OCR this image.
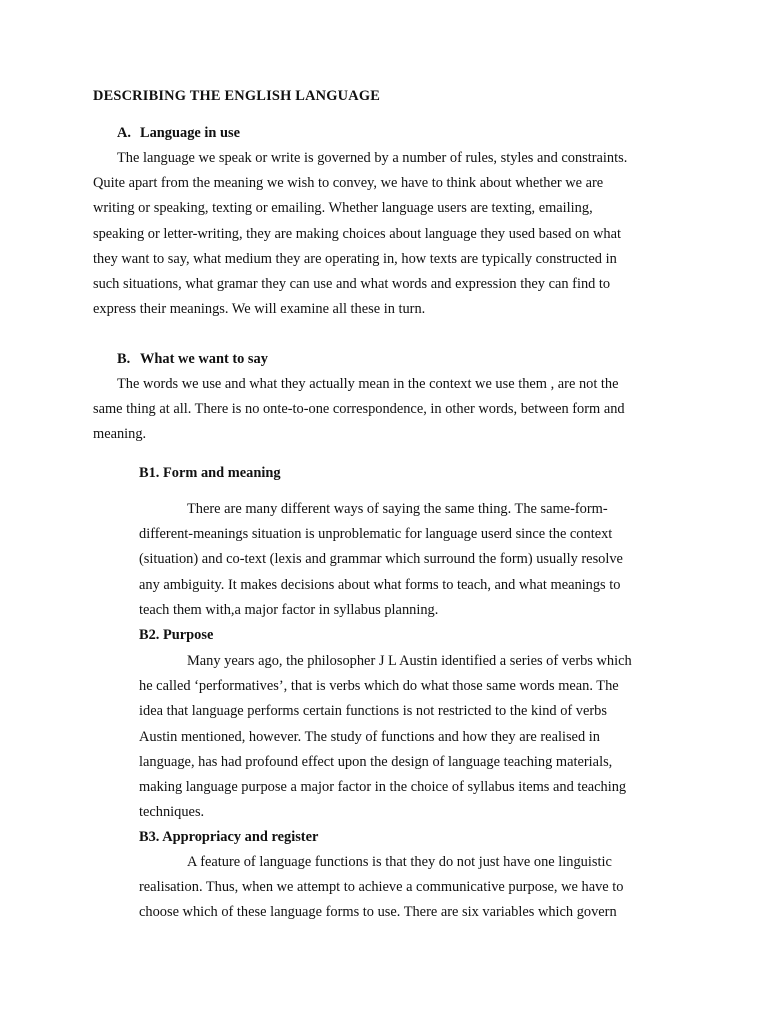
DESCRIBING THE ENGLISH LANGUAGE
A. Language in use
The language we speak or write is governed by a number of rules, styles and constraints.
Quite apart from the meaning we wish to convey, we have to think about whether we are
writing or speaking, texting or emailing. Whether language users are texting, emailing,
speaking or letter-writing, they are making choices about language they used based on what
they want to say, what medium they are operating in, how texts are typically constructed in
such situations, what gramar they can use and what words and expression they can find to
express their meanings. We will examine all these in turn.
B. What we want to say
The words we use and what they actually mean in the context we use them , are not the
same thing at all. There is no onte-to-one correspondence, in other words, between form and
meaning.
B1. Form and meaning
There are many different ways of saying the same thing. The same-form-
different-meanings situation is unproblematic for language userd since the context
(situation) and co-text (lexis and grammar which surround the form) usually resolve
any ambiguity. It makes decisions about what forms to teach, and what meanings to
teach them with,a major factor in syllabus planning.
B2. Purpose
Many years ago, the philosopher J L Austin identified a series of verbs which
he called ‘performatives’, that is verbs which do what those same words mean. The
idea that language performs certain functions is not restricted to the kind of verbs
Austin mentioned, however. The study of functions and how they are realised in
language, has had profound effect upon the design of language teaching materials,
making language purpose a major factor in the choice of syllabus items and teaching
techniques.
B3. Appropriacy and register
A feature of language functions is that they do not just have one linguistic
realisation. Thus, when we attempt to achieve a communicative purpose, we have to
choose which of these language forms to use. There are six variables which govern
